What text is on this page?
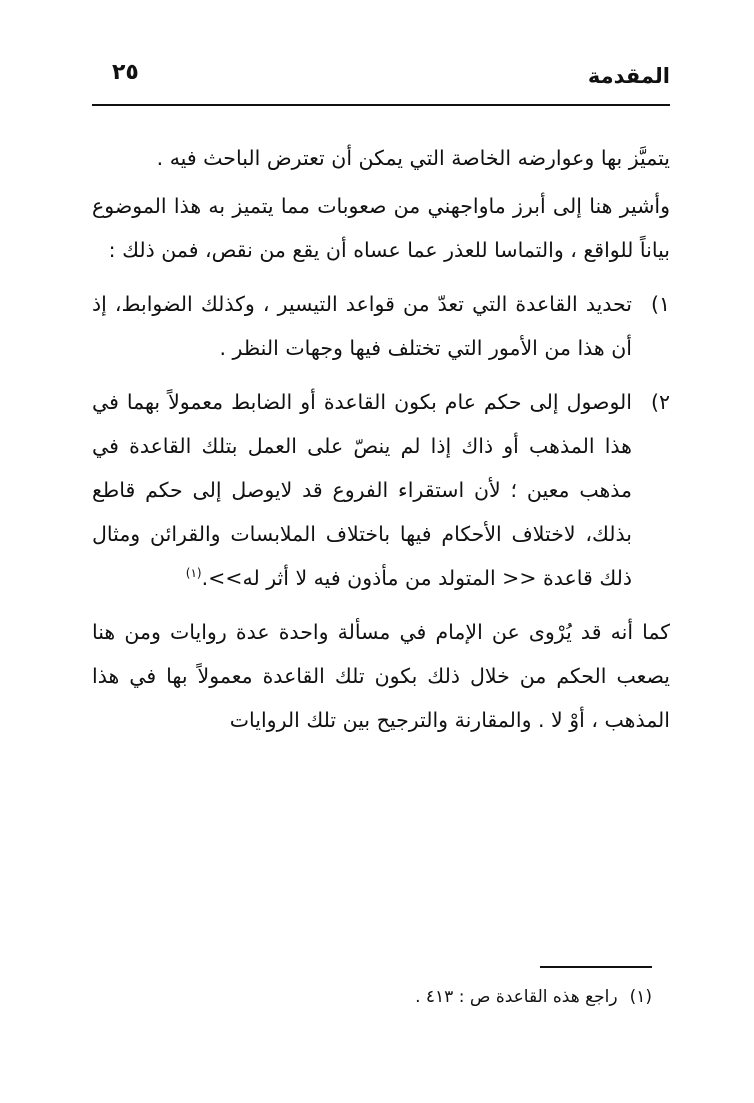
المقدمة
٢٥

يتميَّز بها وعوارضه الخاصة التي يمكن أن تعترض الباحث فيه .

وأشير هنا إلى أبرز ماواجهني من صعوبات مما يتميز به هذا الموضوع بياناً للواقع ، والتماسا للعذر عما عساه أن يقع من نقص، فمن ذلك :

١)
تحديد القاعدة التي تعدّ من قواعد التيسير ، وكذلك الضوابط، إذ أن هذا من الأمور التي تختلف فيها وجهات النظر .
٢)
الوصول إلى حكم عام بكون القاعدة أو الضابط معمولاً بهما في هذا المذهب أو ذاك إذا لم ينصّ على العمل بتلك القاعدة في مذهب معين ؛ لأن استقراء الفروع قد لايوصل إلى حكم قاطع بذلك، لاختلاف الأحكام فيها باختلاف الملابسات والقرائن ومثال ذلك قاعدة << المتولد من مأذون فيه لا أثر له>>.$^{(١)}$

كما أنه قد يُرْوى عن الإمام في مسألة واحدة عدة روايات ومن هنا يصعب الحكم من خلال ذلك بكون تلك القاعدة معمولاً بها في هذا المذهب ، أوْ لا . والمقارنة والترجيح بين تلك الروايات

(١)راجع هذه القاعدة ص : ٤١٣ .
